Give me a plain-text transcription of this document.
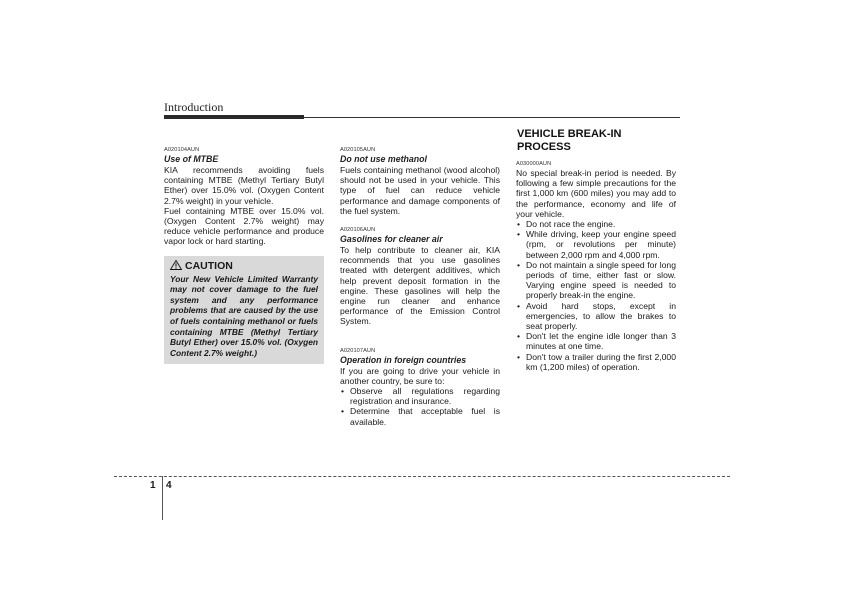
Introduction
A020104AUN
Use of MTBE

KIA recommends avoiding fuels containing MTBE (Methyl Tertiary Butyl Ether) over 15.0% vol. (Oxygen Content 2.7% weight) in your vehicle.

Fuel containing MTBE over 15.0% vol. (Oxygen Content 2.7% weight) may reduce vehicle performance and produce vapor lock or hard starting.

CAUTION

Your New Vehicle Limited Warranty may not cover damage to the fuel system and any performance problems that are caused by the use of fuels containing methanol or fuels containing MTBE (Methyl Tertiary Butyl Ether) over 15.0% vol. (Oxygen Content 2.7% weight.)

A020105AUN
Do not use methanol

Fuels containing methanol (wood alcohol) should not be used in your vehicle. This type of fuel can reduce vehicle performance and damage components of the fuel system.

A020106AUN
Gasolines for cleaner air

To help contribute to cleaner air, KIA recommends that you use gasolines treated with detergent additives, which help prevent deposit formation in the engine. These gasolines will help the engine run cleaner and enhance performance of the Emission Control System.

A020107AUN
Operation in foreign countries

If you are going to drive your vehicle in another country, be sure to:

• Observe all regulations regarding registration and insurance.
• Determine that acceptable fuel is available.
VEHICLE BREAK-IN PROCESS
A030000AUN

No special break-in period is needed. By following a few simple precautions for the first 1,000 km (600 miles) you may add to the performance, economy and life of your vehicle.

• Do not race the engine.
• While driving, keep your engine speed (rpm, or revolutions per minute) between 2,000 rpm and 4,000 rpm.
• Do not maintain a single speed for long periods of time, either fast or slow. Varying engine speed is needed to properly break-in the engine.
• Avoid hard stops, except in emergencies, to allow the brakes to seat properly.
• Don't let the engine idle longer than 3 minutes at one time.
• Don't tow a trailer during the first 2,000 km (1,200 miles) of operation.
1 4
